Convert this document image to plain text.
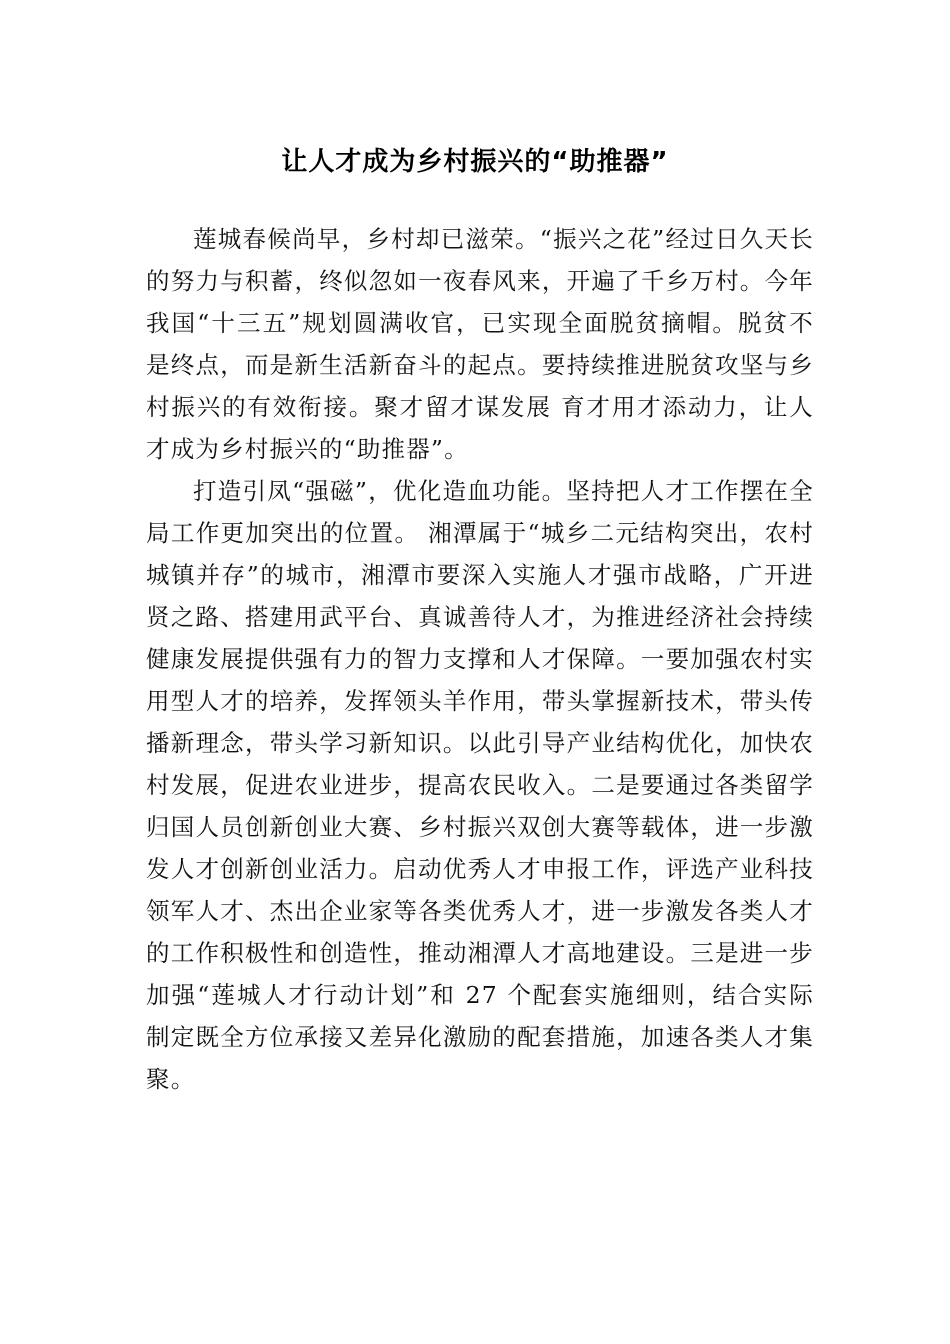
让人才成为乡村振兴的“助推器”

莲城春候尚早，乡村却已滋荣。“振兴之花”经过日久天长的努力与积蓄，终似忽如一夜春风来，开遍了千乡万村。今年我国“十三五”规划圆满收官，已实现全面脱贫摘帽。脱贫不是终点，而是新生活新奋斗的起点。要持续推进脱贫攻坚与乡村振兴的有效衔接。聚才留才谋发展 育才用才添动力，让人才成为乡村振兴的“助推器”。

打造引凤“强磁”，优化造血功能。坚持把人才工作摆在全局工作更加突出的位置。 湘潭属于“城乡二元结构突出，农村城镇并存”的城市，湘潭市要深入实施人才强市战略，广开进贤之路、搭建用武平台、真诚善待人才，为推进经济社会持续健康发展提供强有力的智力支撑和人才保障。一要加强农村实用型人才的培养，发挥领头羊作用，带头掌握新技术，带头传播新理念，带头学习新知识。以此引导产业结构优化，加快农村发展，促进农业进步，提高农民收入。二是要通过各类留学归国人员创新创业大赛、乡村振兴双创大赛等载体，进一步激发人才创新创业活力。启动优秀人才申报工作，评选产业科技领军人才、杰出企业家等各类优秀人才，进一步激发各类人才的工作积极性和创造性，推动湘潭人才高地建设。三是进一步加强“莲城人才行动计划”和 27 个配套实施细则，结合实际制定既全方位承接又差异化激励的配套措施，加速各类人才集聚。
